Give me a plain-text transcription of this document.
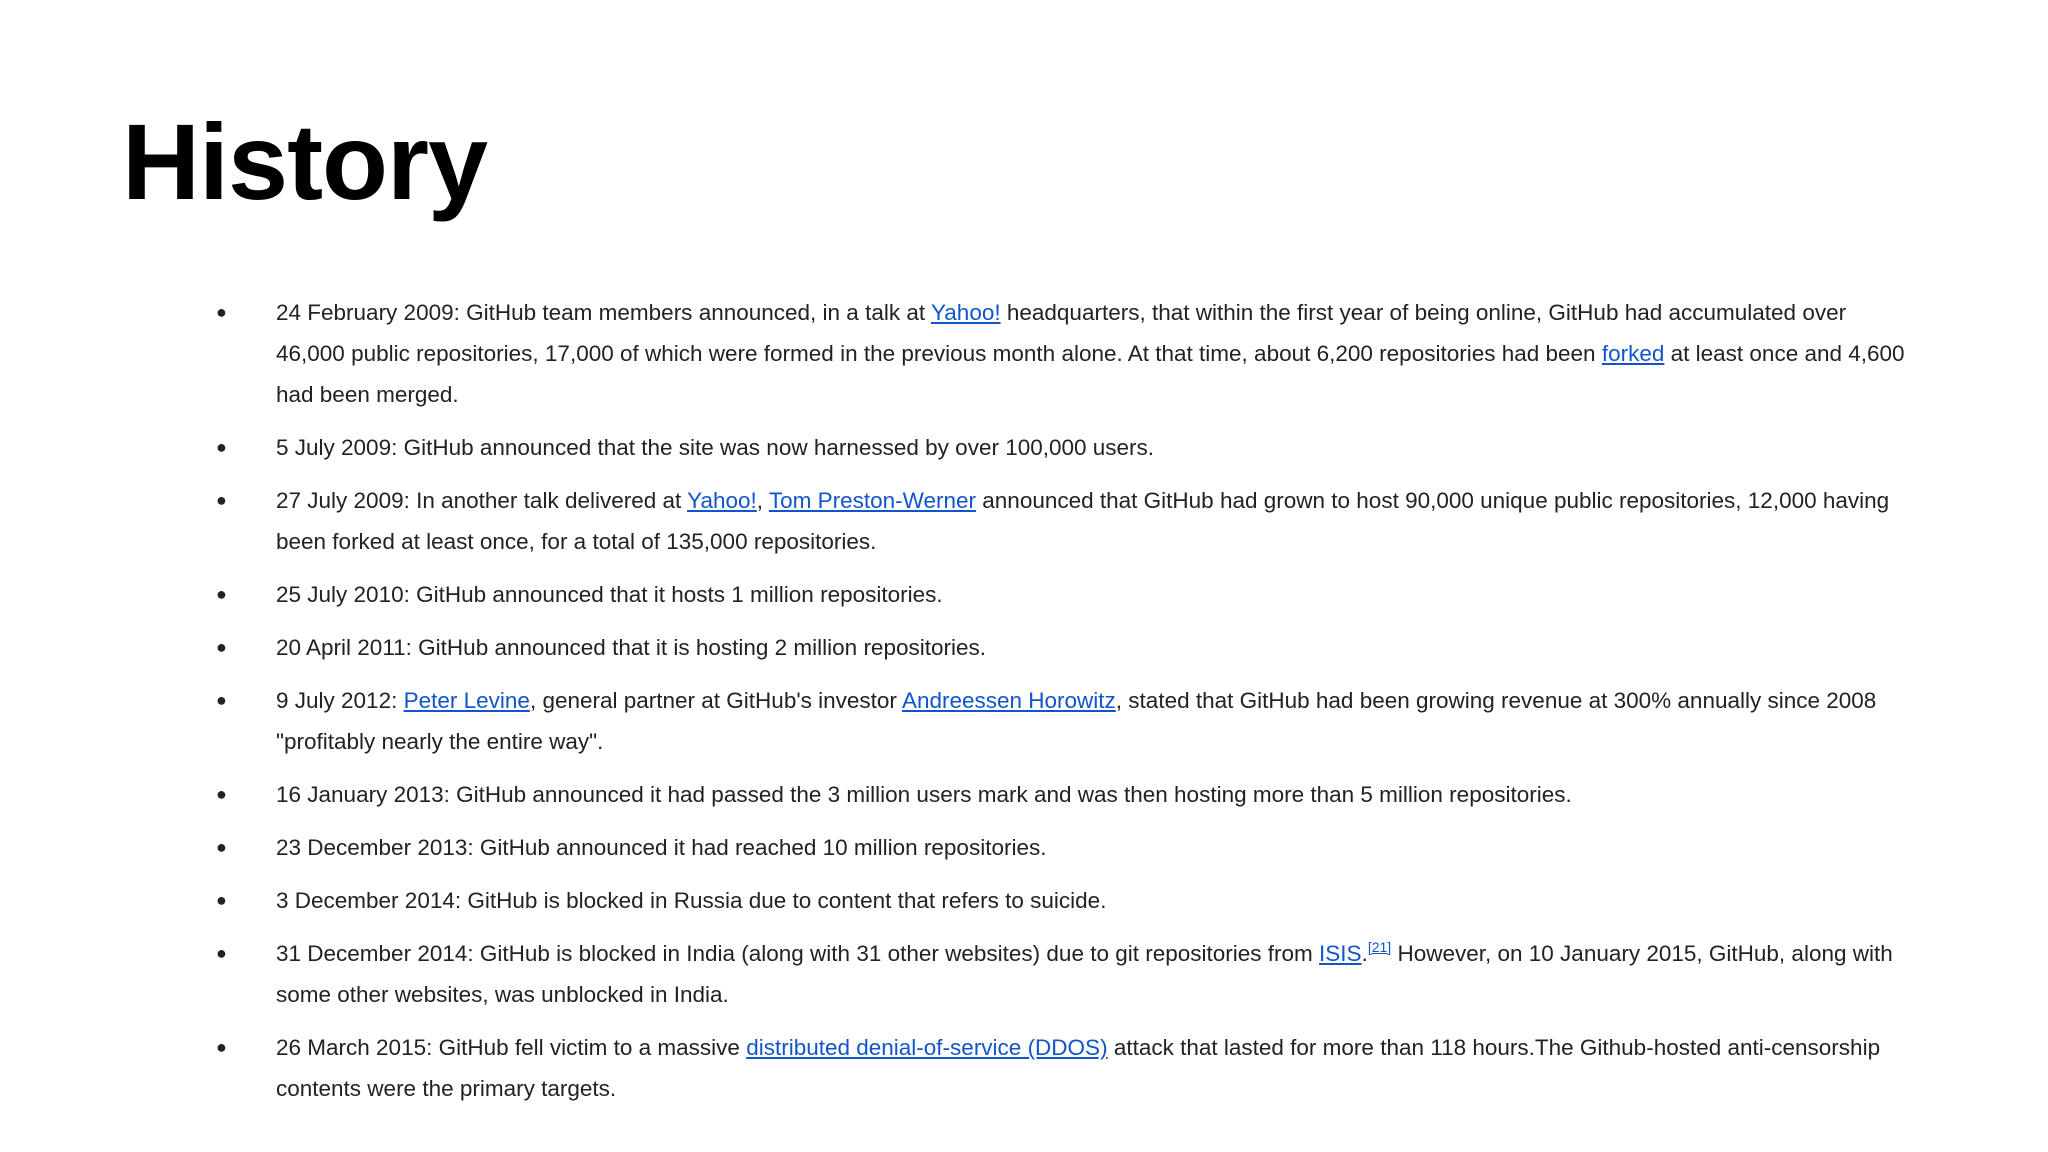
History
● 24 February 2009: GitHub team members announced, in a talk at Yahoo! headquarters, that within the first year of being online, GitHub had accumulated over 46,000 public repositories, 17,000 of which were formed in the previous month alone. At that time, about 6,200 repositories had been forked at least once and 4,600 had been merged.
● 5 July 2009: GitHub announced that the site was now harnessed by over 100,000 users.
● 27 July 2009: In another talk delivered at Yahoo!, Tom Preston-Werner announced that GitHub had grown to host 90,000 unique public repositories, 12,000 having been forked at least once, for a total of 135,000 repositories.
● 25 July 2010: GitHub announced that it hosts 1 million repositories.
● 20 April 2011: GitHub announced that it is hosting 2 million repositories.
● 9 July 2012: Peter Levine, general partner at GitHub's investor Andreessen Horowitz, stated that GitHub had been growing revenue at 300% annually since 2008 "profitably nearly the entire way".
● 16 January 2013: GitHub announced it had passed the 3 million users mark and was then hosting more than 5 million repositories.
● 23 December 2013: GitHub announced it had reached 10 million repositories.
● 3 December 2014: GitHub is blocked in Russia due to content that refers to suicide.
● 31 December 2014: GitHub is blocked in India (along with 31 other websites) due to git repositories from ISIS.[21] However, on 10 January 2015, GitHub, along with some other websites, was unblocked in India.
● 26 March 2015: GitHub fell victim to a massive distributed denial-of-service (DDOS) attack that lasted for more than 118 hours.The Github-hosted anti-censorship contents were the primary targets.
